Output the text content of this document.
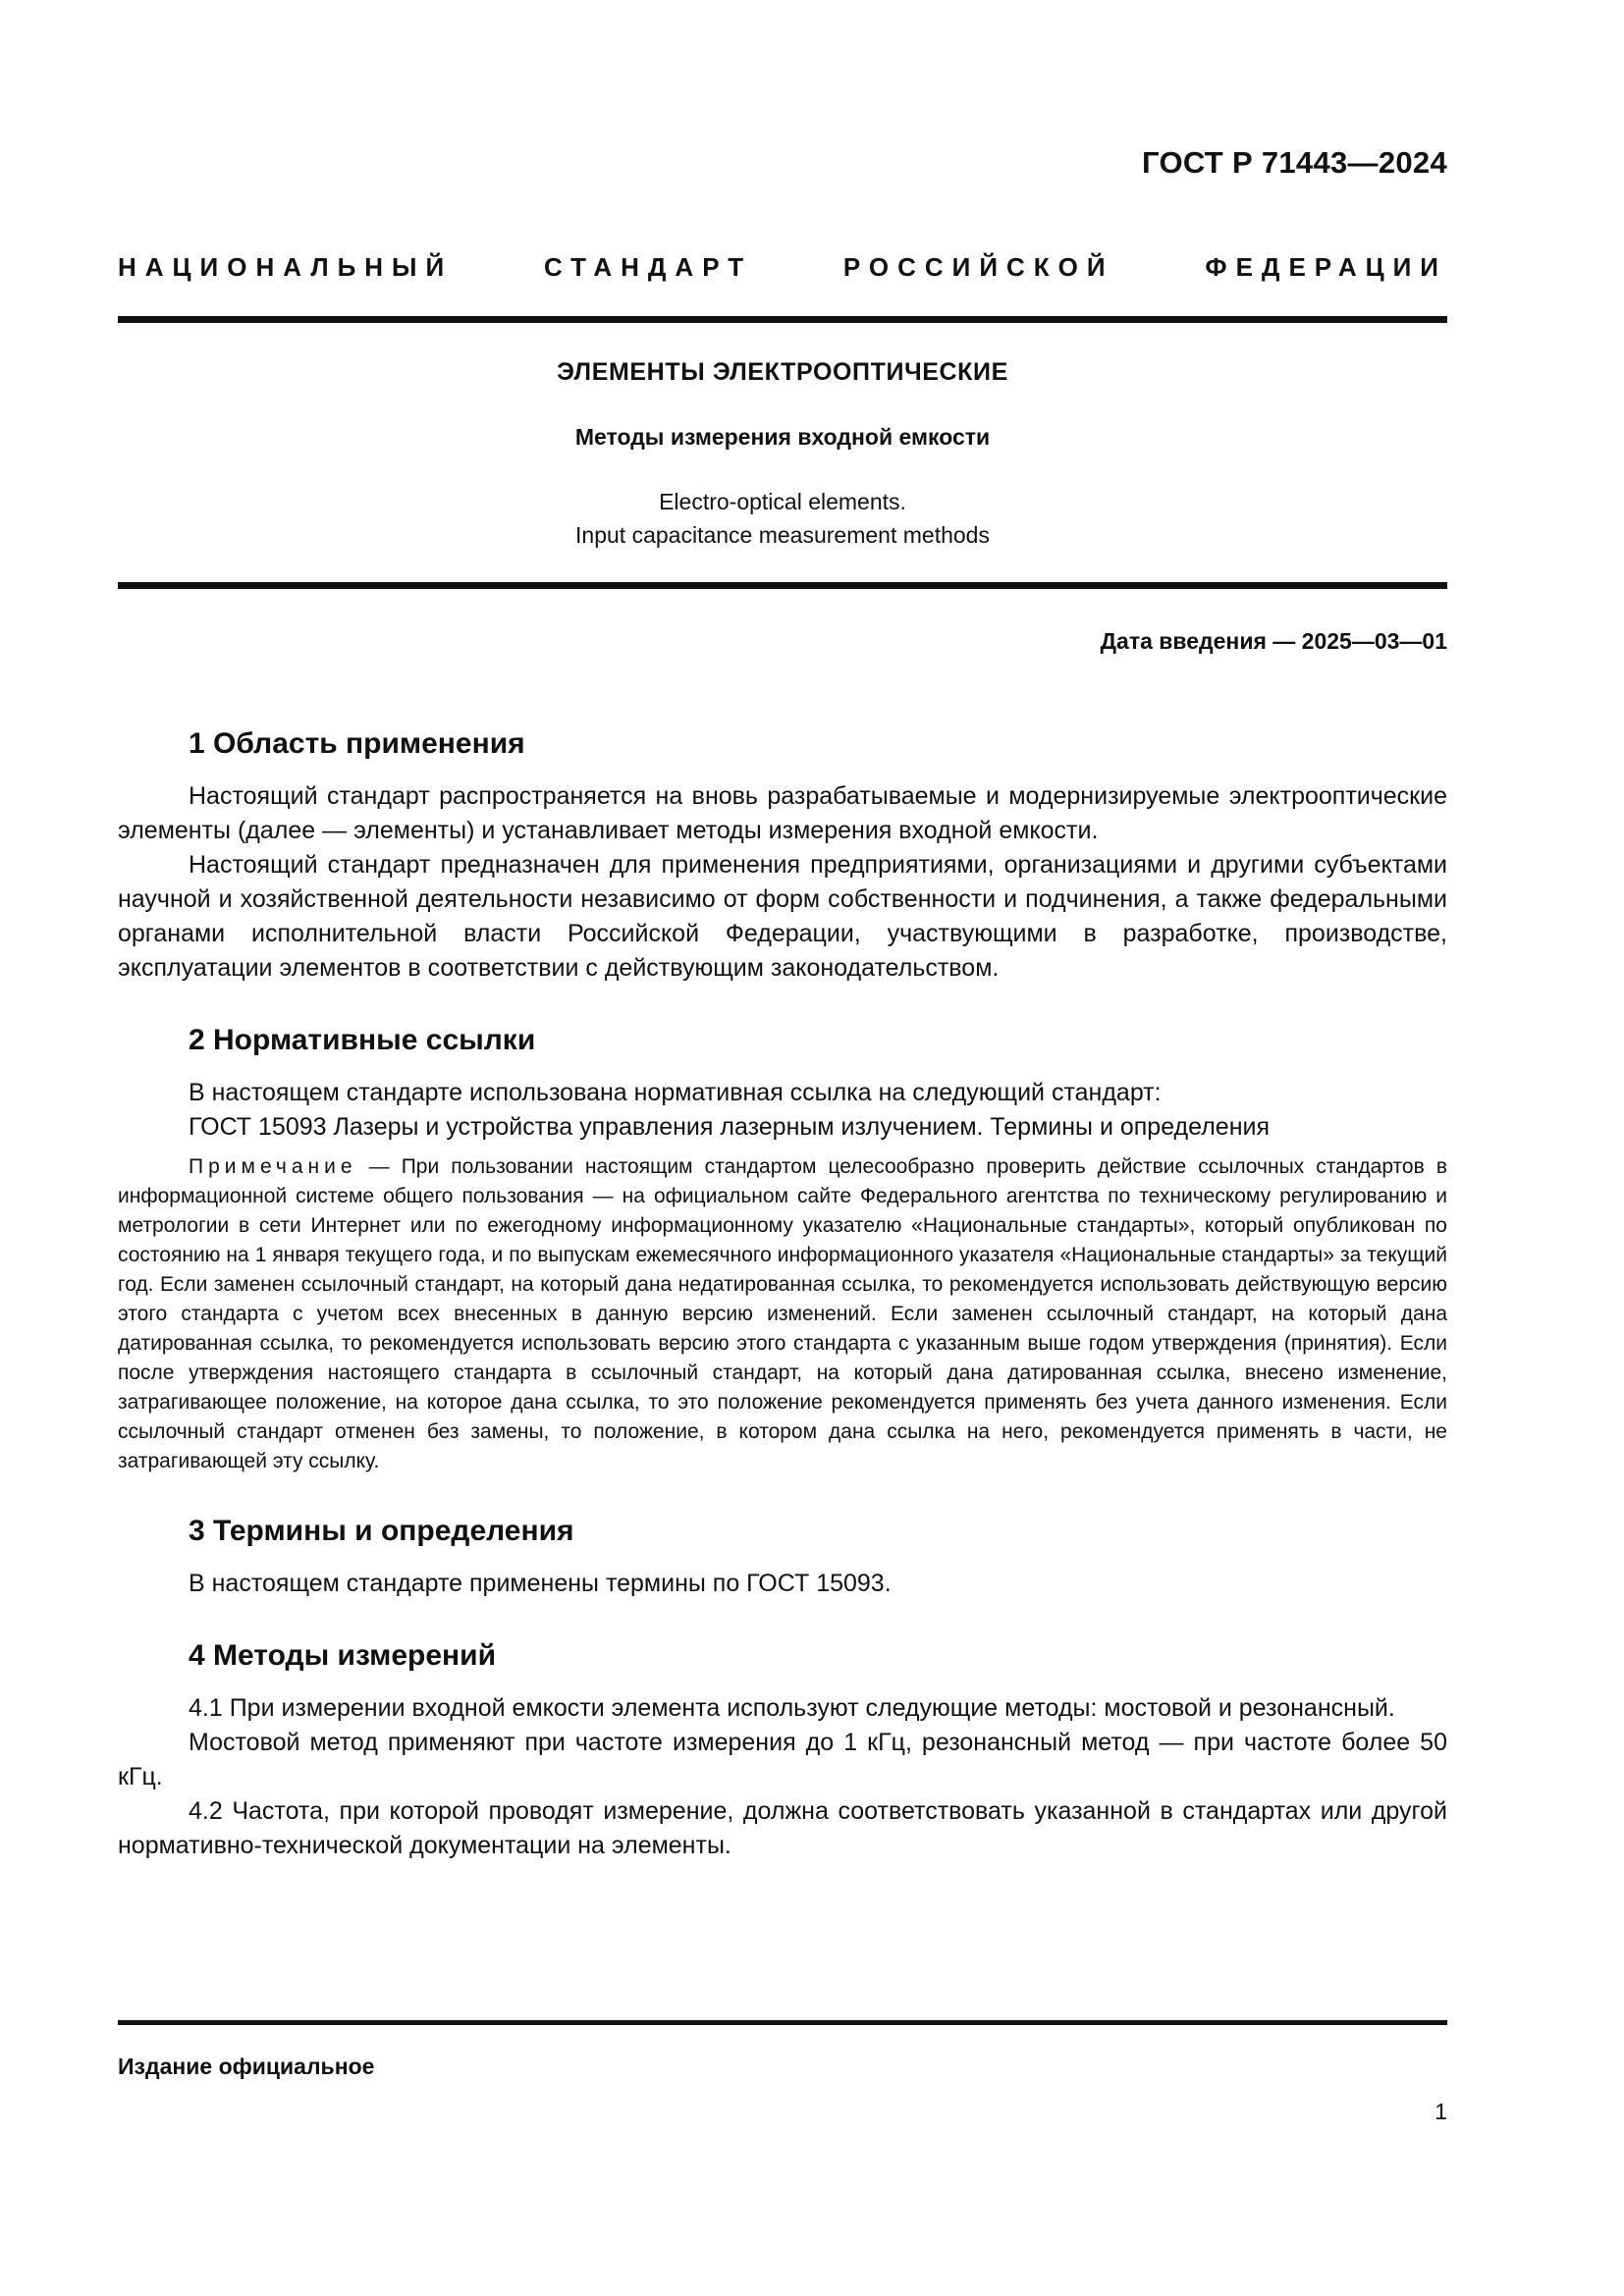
ГОСТ Р 71443—2024
НАЦИОНАЛЬНЫЙ СТАНДАРТ РОССИЙСКОЙ ФЕДЕРАЦИИ
ЭЛЕМЕНТЫ ЭЛЕКТРООПТИЧЕСКИЕ
Методы измерения входной емкости
Electro-optical elements.
Input capacitance measurement methods
Дата введения — 2025—03—01
1 Область применения

Настоящий стандарт распространяется на вновь разрабатываемые и модернизируемые электрооптические элементы (далее — элементы) и устанавливает методы измерения входной емкости.

Настоящий стандарт предназначен для применения предприятиями, организациями и другими субъектами научной и хозяйственной деятельности независимо от форм собственности и подчинения, а также федеральными органами исполнительной власти Российской Федерации, участвующими в разработке, производстве, эксплуатации элементов в соответствии с действующим законодательством.

2 Нормативные ссылки

В настоящем стандарте использована нормативная ссылка на следующий стандарт:

ГОСТ 15093 Лазеры и устройства управления лазерным излучением. Термины и определения

Примечание — При пользовании настоящим стандартом целесообразно проверить действие ссылочных стандартов в информационной системе общего пользования — на официальном сайте Федерального агентства по техническому регулированию и метрологии в сети Интернет или по ежегодному информационному указателю «Национальные стандарты», который опубликован по состоянию на 1 января текущего года, и по выпускам ежемесячного информационного указателя «Национальные стандарты» за текущий год. Если заменен ссылочный стандарт, на который дана недатированная ссылка, то рекомендуется использовать действующую версию этого стандарта с учетом всех внесенных в данную версию изменений. Если заменен ссылочный стандарт, на который дана датированная ссылка, то рекомендуется использовать версию этого стандарта с указанным выше годом утверждения (принятия). Если после утверждения настоящего стандарта в ссылочный стандарт, на который дана датированная ссылка, внесено изменение, затрагивающее положение, на которое дана ссылка, то это положение рекомендуется применять без учета данного изменения. Если ссылочный стандарт отменен без замены, то положение, в котором дана ссылка на него, рекомендуется применять в части, не затрагивающей эту ссылку.

3 Термины и определения

В настоящем стандарте применены термины по ГОСТ 15093.

4 Методы измерений

4.1 При измерении входной емкости элемента используют следующие методы: мостовой и резонансный.

Мостовой метод применяют при частоте измерения до 1 кГц, резонансный метод — при частоте более 50 кГц.

4.2 Частота, при которой проводят измерение, должна соответствовать указанной в стандартах или другой нормативно-технической документации на элементы.

Издание официальное
1
